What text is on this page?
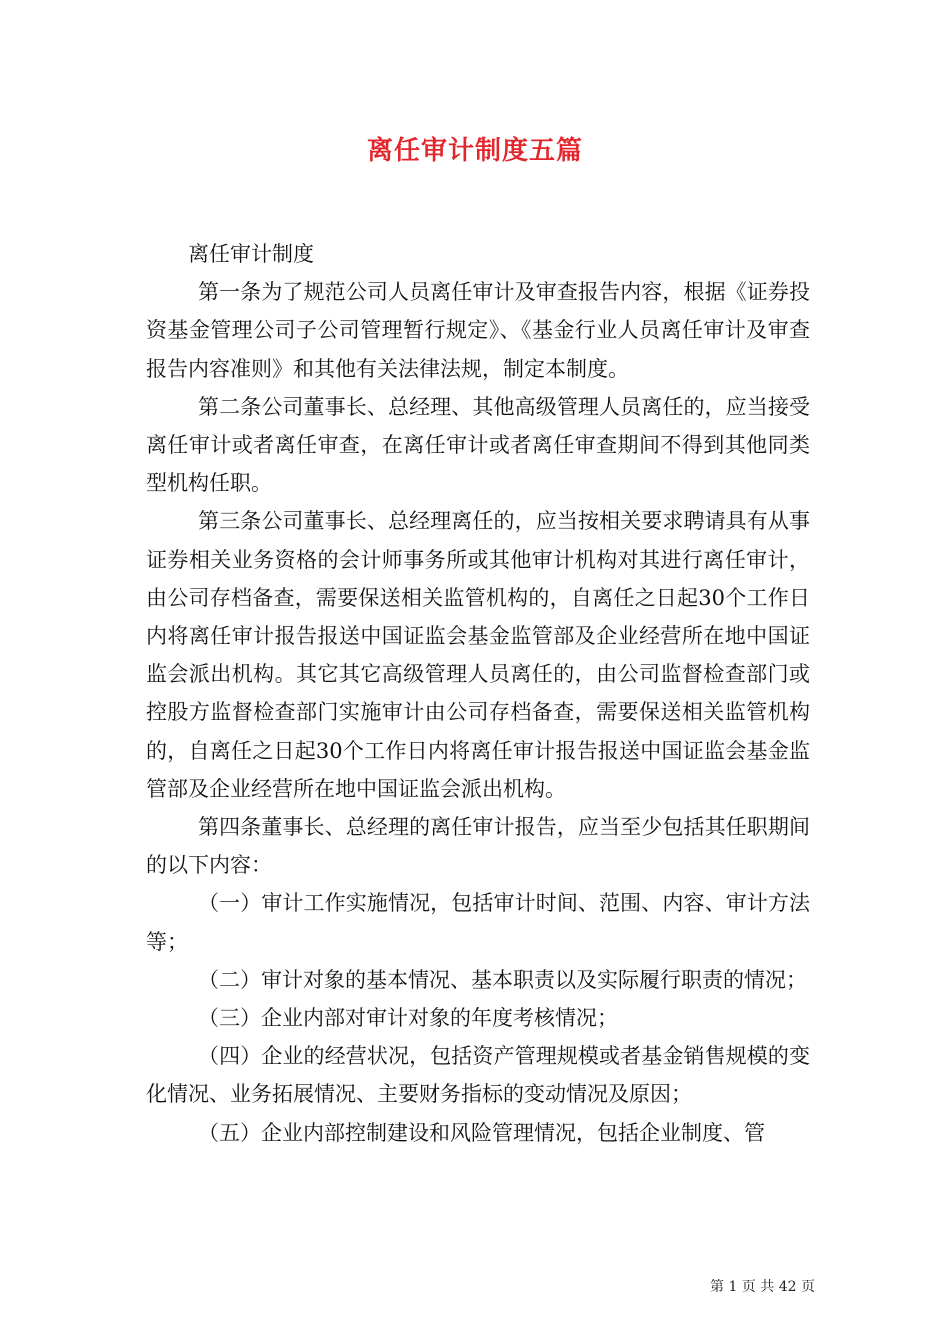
离任审计制度五篇

离任审计制度

第一条为了规范公司人员离任审计及审查报告内容，根据《证券投资基金管理公司子公司管理暂行规定》、《基金行业人员离任审计及审查报告内容准则》和其他有关法律法规，制定本制度。

第二条公司董事长、总经理、其他高级管理人员离任的，应当接受离任审计或者离任审查，在离任审计或者离任审查期间不得到其他同类型机构任职。

第三条公司董事长、总经理离任的，应当按相关要求聘请具有从事证券相关业务资格的会计师事务所或其他审计机构对其进行离任审计，由公司存档备查，需要保送相关监管机构的，自离任之日起30个工作日内将离任审计报告报送中国证监会基金监管部及企业经营所在地中国证监会派出机构。其它其它高级管理人员离任的，由公司监督检查部门或控股方监督检查部门实施审计由公司存档备查，需要保送相关监管机构的，自离任之日起30个工作日内将离任审计报告报送中国证监会基金监管部及企业经营所在地中国证监会派出机构。

第四条董事长、总经理的离任审计报告，应当至少包括其任职期间的以下内容：

（一）审计工作实施情况，包括审计时间、范围、内容、审计方法等；

（二）审计对象的基本情况、基本职责以及实际履行职责的情况；

（三）企业内部对审计对象的年度考核情况；

（四）企业的经营状况，包括资产管理规模或者基金销售规模的变化情况、业务拓展情况、主要财务指标的变动情况及原因；

（五）企业内部控制建设和风险管理情况，包括企业制度、管

第 1 页 共 42 页
